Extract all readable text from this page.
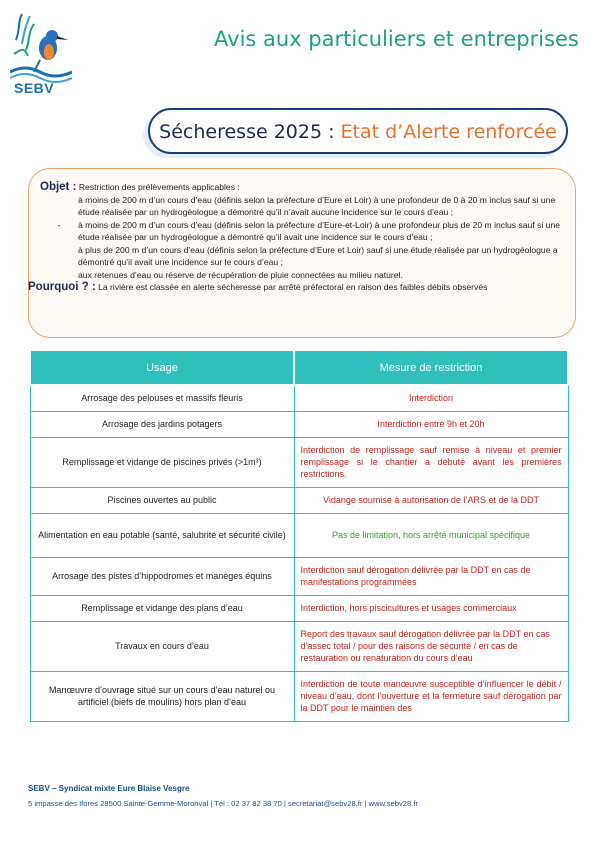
SEBV
Avis aux particuliers et entreprises
Sécheresse 2025 : Etat d’Alerte renforcée
Objet : Restriction des prélèvements applicables :
à moins de 200 m d’un cours d’eau (définis selon la préfecture d’Eure et Loir) à une profondeur de 0 à 20 m inclus sauf si une étude réalisée par un hydrogéologue a démontré qu’il n’avait aucune incidence sur le cours d’eau ;
- à moins de 200 m d’un cours d’eau (définis selon la préfecture d’Eure-et-Loir) à une profondeur plus de 20 m inclus sauf si une étude réalisée par un hydrogéologue a démontré qu’il avait une incidence sur le cours d’eau ;
à plus de 200 m d’un cours d’eau (définis selon la préfecture d’Eure et Loir) sauf si une étude réalisée par un hydrogéologue a démontré qu’il avait une incidence sur le cours d’eau ;
aux retenues d’eau ou réserve de récupération de pluie connectées au milieu naturel.
Pourquoi ? : La rivière est classée en alerte sécheresse par arrêté préfectoral en raison des faibles débits observés
Usage	Mesure de restriction
Arrosage des pelouses et massifs fleuris	Interdiction
Arrosage des jardins potagers	Interdiction entre 9h et 20h
Remplissage et vidange de piscines privés (>1m³)	Interdiction de remplissage sauf remise à niveau et premier remplissage si le chantier a débuté avant les premières restrictions.
Piscines ouvertes au public	Vidange soumise à autorisation de l’ARS et de la DDT
Alimentation en eau potable (santé, salubrité et sécurité civile)	Pas de limitation, hors arrêté municipal spécifique
Arrosage des pistes d’hippodromes et manèges équins	Interdiction sauf dérogation délivrée par la DDT en cas de manifestations programmées
Remplissage et vidange des plans d’eau	Interdiction, hors piscicultures et usages commerciaux
Travaux en cours d’eau	Report des travaux sauf dérogation délivrée par la DDT en cas d’assec total / pour des raisons de sécurité / en cas de restauration ou renaturation du cours d’eau
Manœuvre d’ouvrage situé sur un cours d’eau naturel ou artificiel (biefs de moulins) hors plan d’eau	Interdiction de toute manœuvre susceptible d’influencer le débit / niveau d’eau, dont l’ouverture et la fermeture sauf dérogation par la DDT pour le maintien des
SEBV – Syndicat mixte Eure Blaise Vesgre
5 impasse des Ifores 28500 Sainte-Gemme-Moronval | Tél : 02 37 82 38 70 | secretariat@sebv28.fr | www.sebv28.fr
